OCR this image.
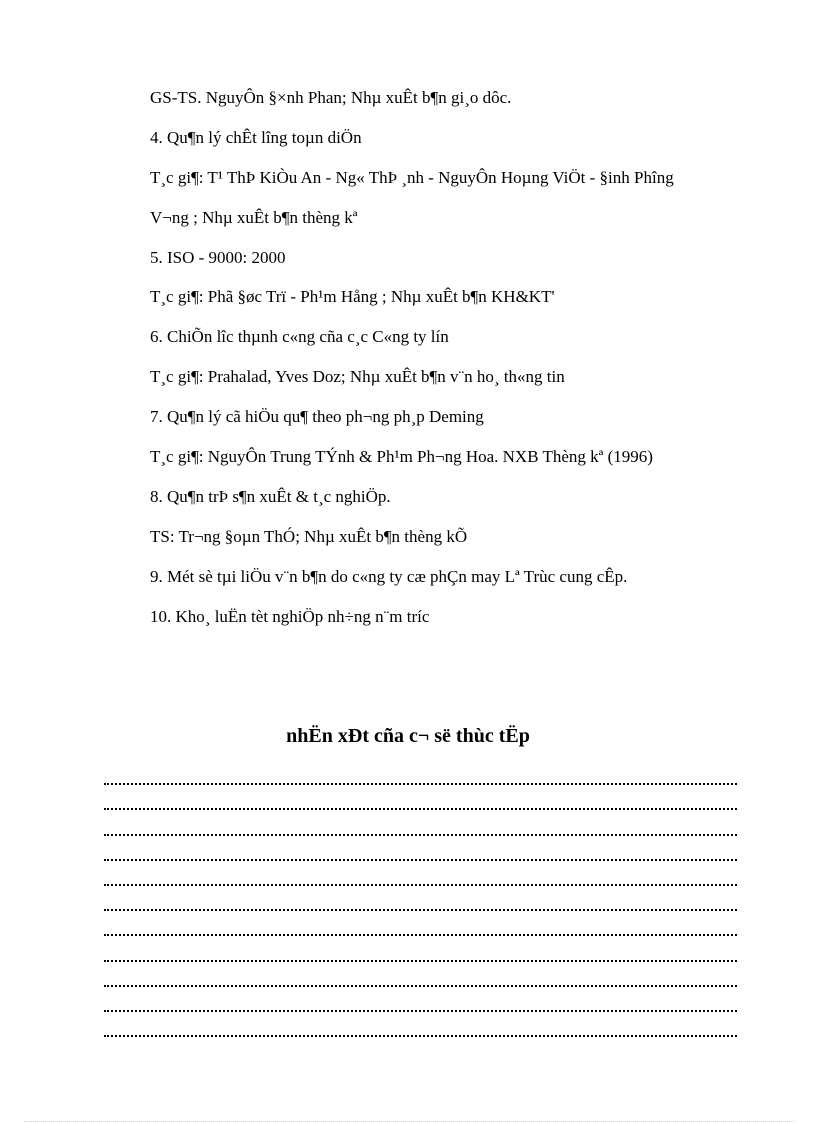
GS-TS. NguyÔn §×nh Phan; Nhµ xuÊt b¶n gi¸o dôc.

4. Qu¶n lý chÊt lîng toµn diÖn

T¸c gi¶: T¹ ThÞ KiÒu An - Ng« ThÞ ¸nh - NguyÔn Hoµng ViÖt - §inh Phîng

V¬ng ; Nhµ xuÊt b¶n thèng kª

5. ISO - 9000: 2000

T¸c gi¶: Phã §øc Trï - Ph¹m Hång ; Nhµ xuÊt b¶n KH&KT'

6. ChiÕn lîc thµnh c«ng cña c¸c C«ng ty lín

T¸c gi¶: Prahalad, Yves Doz; Nhµ xuÊt b¶n v¨n ho¸ th«ng tin

7. Qu¶n lý cã hiÖu qu¶ theo ph¬ng ph¸p Deming

T¸c gi¶: NguyÔn Trung TÝnh & Ph¹m Ph¬ng Hoa. NXB Thèng kª (1996)

8. Qu¶n trÞ s¶n xuÊt & t¸c nghiÖp.

TS: Tr¬ng §oµn ThÓ; Nhµ xuÊt b¶n thèng kÕ

9. Mét sè tµi liÖu v¨n b¶n do c«ng ty cæ phÇn may Lª Trùc cung cÊp.

10. Kho¸ luËn tèt nghiÖp nh÷ng n¨m tríc

nhËn xÐt cña c¬ së thùc tËp
